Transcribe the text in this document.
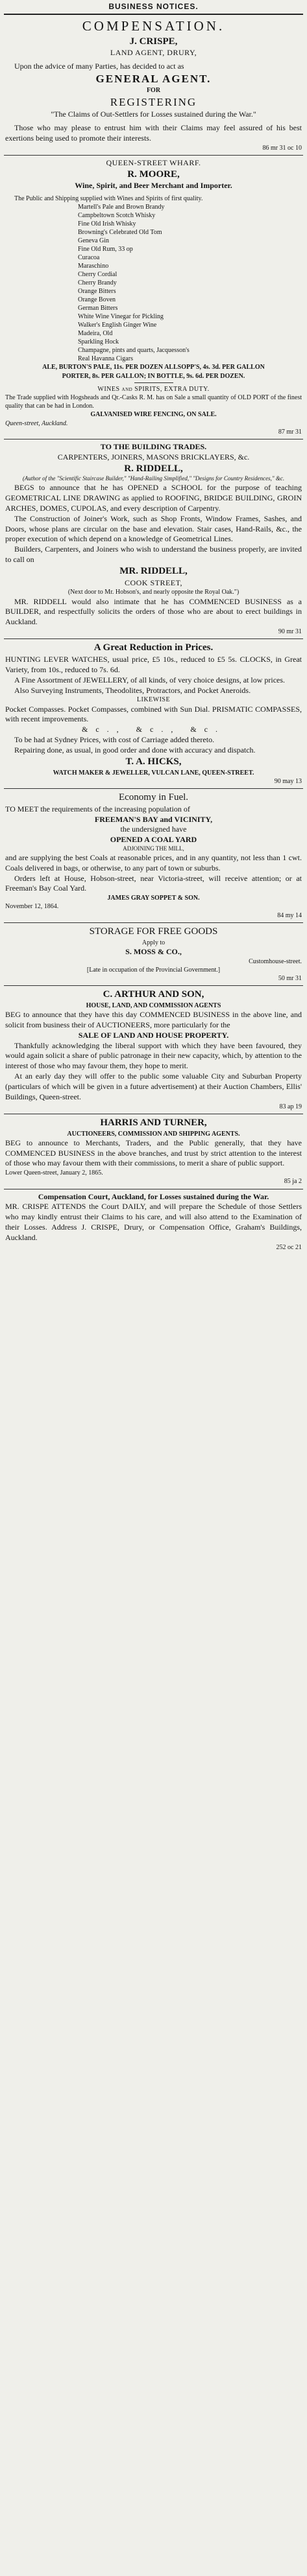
BUSINESS NOTICES.
COMPENSATION.
J. CRISPE,
LAND AGENT, DRURY,
Upon the advice of many Parties, has decided to act as
GENERAL AGENT.
FOR
REGISTERING
"The Claims of Out-Settlers for Losses sustained during the War."
Those who may please to entrust him with their Claims may feel assured of his best exertions being used to promote their interests.
86 mr 31 oc 10
QUEEN-STREET WHARF.
R. MOORE,
Wine, Spirit, and Beer Merchant and Importer.
The Public and Shipping supplied with Wines and Spirits of first quality.
Martell's Pale and Brown Brandy
Campbeltown Scotch Whisky
Fine Old Irish Whisky
Browning's Celebrated Old Tom
Geneva Gin
Fine Old Rum, 33 op
Curacoa
Maraschino
Cherry Cordial
Cherry Brandy
Orange Bitters
Orange Boven
German Bitters
White Wine Vinegar for Pickling
Walker's English Ginger Wine
Madeira, Old
Sparkling Hock
Champagne, pints and quarts, Jacquesson's
Real Havanna Cigars
ALE, BURTON'S PALE, 11s. PER DOZEN ALLSOPP'S, 4s. 3d. PER GALLON
PORTER, 8s. PER GALLON; IN BOTTLE, 9s. 6d. PER DOZEN.
WINES and SPIRITS, EXTRA DUTY.
The Trade supplied with Hogsheads and Qr.-Casks R. M. has on Sale a small quantity of OLD PORT of the finest quality that can be had in London.
GALVANISED WIRE FENCING, ON SALE.
Queen-street, Auckland.
87 mr 31
TO THE BUILDING TRADES.
CARPENTERS, JOINERS, MASONS BRICKLAYERS, &c.
R. RIDDELL,
(Author of the "Scientific Staircase Builder," "Hand-Railing Simplified," "Designs for Country Residences," &c.
BEGS to announce that he has OPENED a SCHOOL for the purpose of teaching GEOMETRICAL LINE DRAWING as applied to ROOFING, BRIDGE BUILDING, GROIN ARCHES, DOMES, CUPOLAS, and every description of Carpentry.
The Construction of Joiner's Work, such as Shop Fronts, Window Frames, Sashes, and Doors, whose plans are circular on the base and elevation. Stair cases, Hand-Rails, &c., the proper execution of which depend on a knowledge of Geometrical Lines.
Builders, Carpenters, and Joiners who wish to understand the business properly, are invited to call on
MR. RIDDELL,
COOK STREET,
(Next door to Mr. Hobson's, and nearly opposite the Royal Oak.")
MR. RIDDELL would also intimate that he has COMMENCED BUSINESS as a BUILDER, and respectfully solicits the orders of those who are about to erect buildings in Auckland.
90 mr 31
A Great Reduction in Prices.
HUNTING LEVER WATCHES, usual price, £5 10s., reduced to £5 5s. CLOCKS, in Great Variety, from 10s., reduced to 7s. 6d.
A Fine Assortment of JEWELLERY, of all kinds, of very choice designs, at low prices.
Also Surveying Instruments, Theodolites, Protractors, and Pocket Aneroids.
LIKEWISE
Pocket Compasses. Pocket Compasses, combined with Sun Dial. PRISMATIC COMPASSES, with recent improvements.
&c., &c., &c.
To be had at Sydney Prices, with cost of Carriage added thereto.
Repairing done, as usual, in good order and done with accuracy and dispatch.
T. A. HICKS,
WATCH MAKER & JEWELLER, VULCAN LANE, QUEEN-STREET.
90 may 13
Economy in Fuel.
TO MEET the requirements of the increasing population of
FREEMAN'S BAY and VICINITY,
the undersigned have
OPENED A COAL YARD
ADJOINING THE MILL,
and are supplying the best Coals at reasonable prices, and in any quantity, not less than 1 cwt. Coals delivered in bags, or otherwise, to any part of town or suburbs.
Orders left at House, Hobson-street, near Victoria-street, will receive attention; or at Freeman's Bay Coal Yard.
JAMES GRAY SOPPET & SON.
November 12, 1864.
84 my 14
STORAGE FOR FREE GOODS
Apply to
S. MOSS & CO.,
Customhouse-street.
[Late in occupation of the Provincial Government.]
50 mr 31
C. ARTHUR AND SON,
HOUSE, LAND, AND COMMISSION AGENTS
BEG to announce that they have this day COMMENCED BUSINESS in the above line, and solicit from business their of AUCTIONEERS, more particularly for the
SALE OF LAND AND HOUSE PROPERTY.
Thankfully acknowledging the liberal support with which they have been favoured, they would again solicit a share of public patronage in their new capacity, which, by attention to the interest of those who may favour them, they hope to merit.
At an early day they will offer to the public some valuable City and Suburban Property (particulars of which will be given in a future advertisement) at their Auction Chambers, Ellis' Buildings, Queen-street.
83 ap 19
HARRIS AND TURNER,
AUCTIONEERS, COMMISSION AND SHIPPING AGENTS.
BEG to announce to Merchants, Traders, and the Public generally, that they have COMMENCED BUSINESS in the above branches, and trust by strict attention to the interest of those who may favour them with their commissions, to merit a share of public support.
Lower Queen-street, January 2, 1865.
85 ja 2
Compensation Court, Auckland, for Losses sustained during the War.
MR. CRISPE ATTENDS the Court DAILY, and will prepare the Schedule of those Settlers who may kindly entrust their Claims to his care, and will also attend to the Examination of their Losses. Address J. CRISPE, Drury, or Compensation Office, Graham's Buildings, Auckland.
252 oc 21
